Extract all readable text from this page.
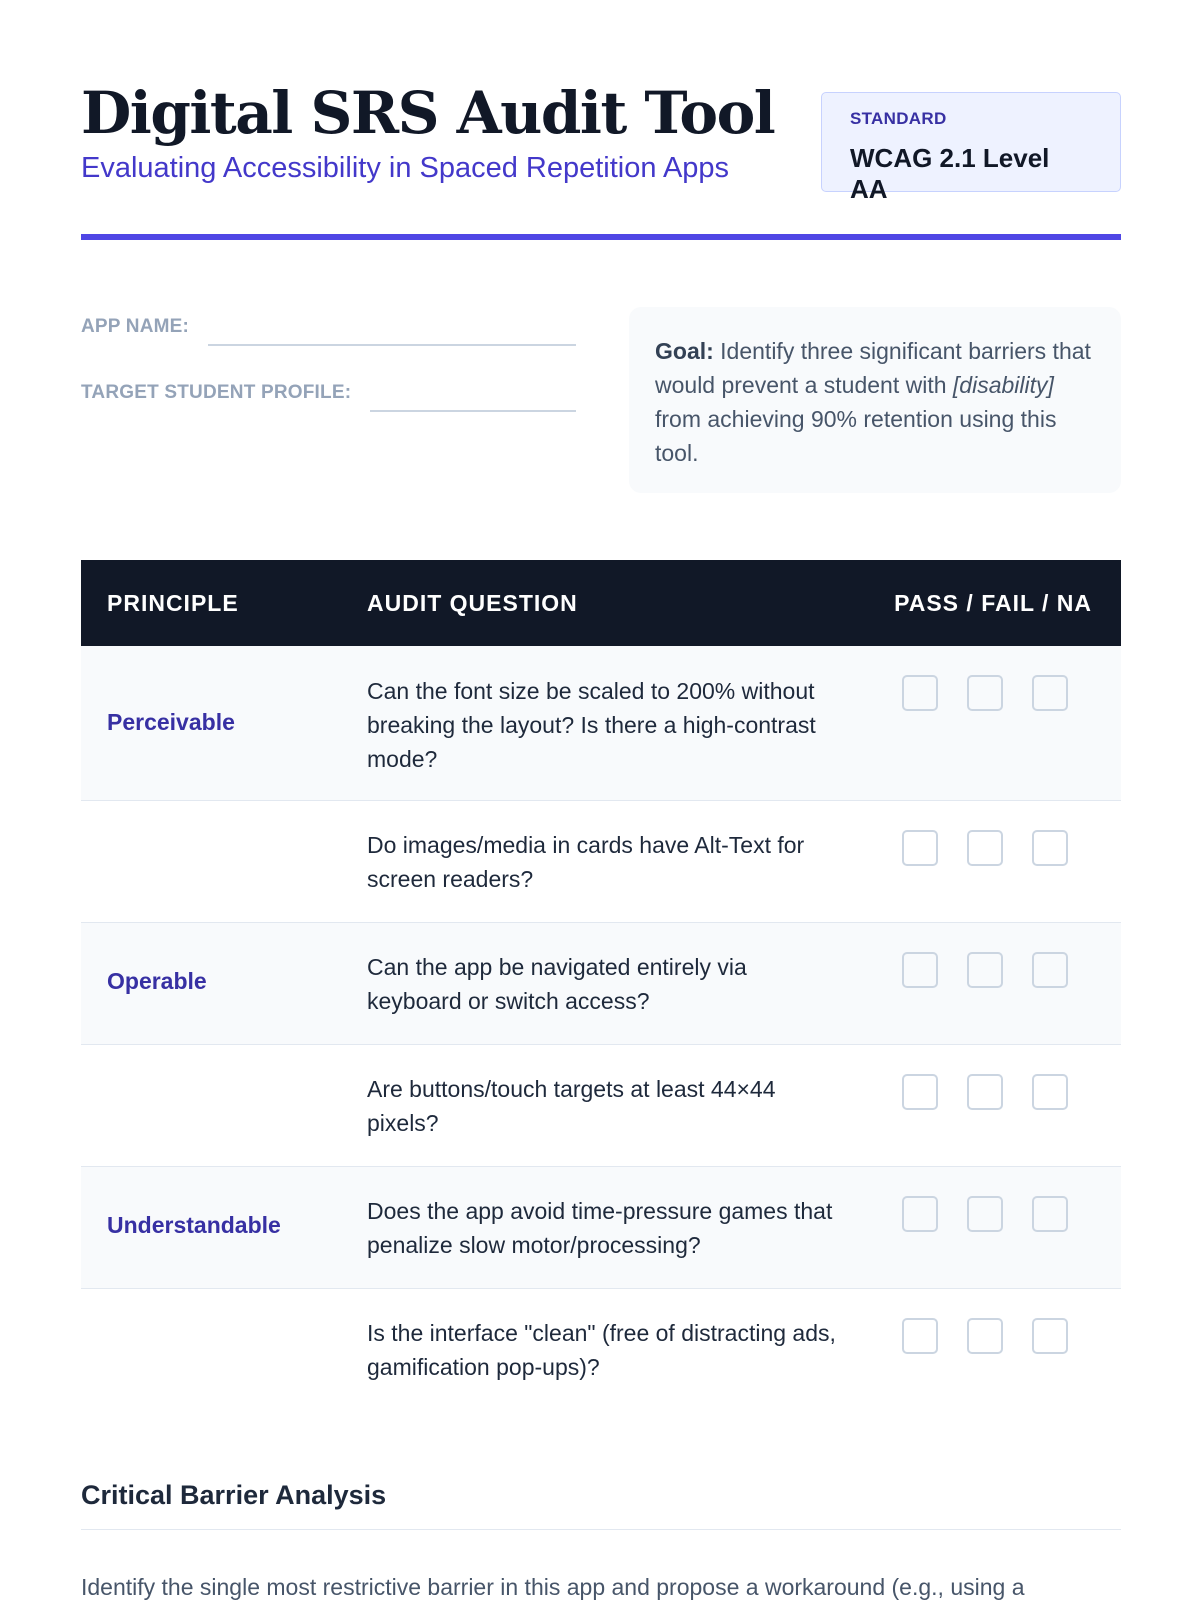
Digital SRS Audit Tool
Evaluating Accessibility in Spaced Repetition Apps
STANDARD
WCAG 2.1 Level AA
APP NAME:
TARGET STUDENT PROFILE:
Goal: Identify three significant barriers that would prevent a student with [disability] from achieving 90% retention using this tool.
PRINCIPLE	AUDIT QUESTION	PASS / FAIL / NA
Perceivable
Can the font size be scaled to 200% without breaking the layout? Is there a high-contrast mode?
Do images/media in cards have Alt-Text for screen readers?
Operable
Can the app be navigated entirely via keyboard or switch access?
Are buttons/touch targets at least 44×44 pixels?
Understandable
Does the app avoid time-pressure games that penalize slow motor/processing?
Is the interface "clean" (free of distracting ads, gamification pop-ups)?
Critical Barrier Analysis

Identify the single most restrictive barrier in this app and propose a workaround (e.g., using a
